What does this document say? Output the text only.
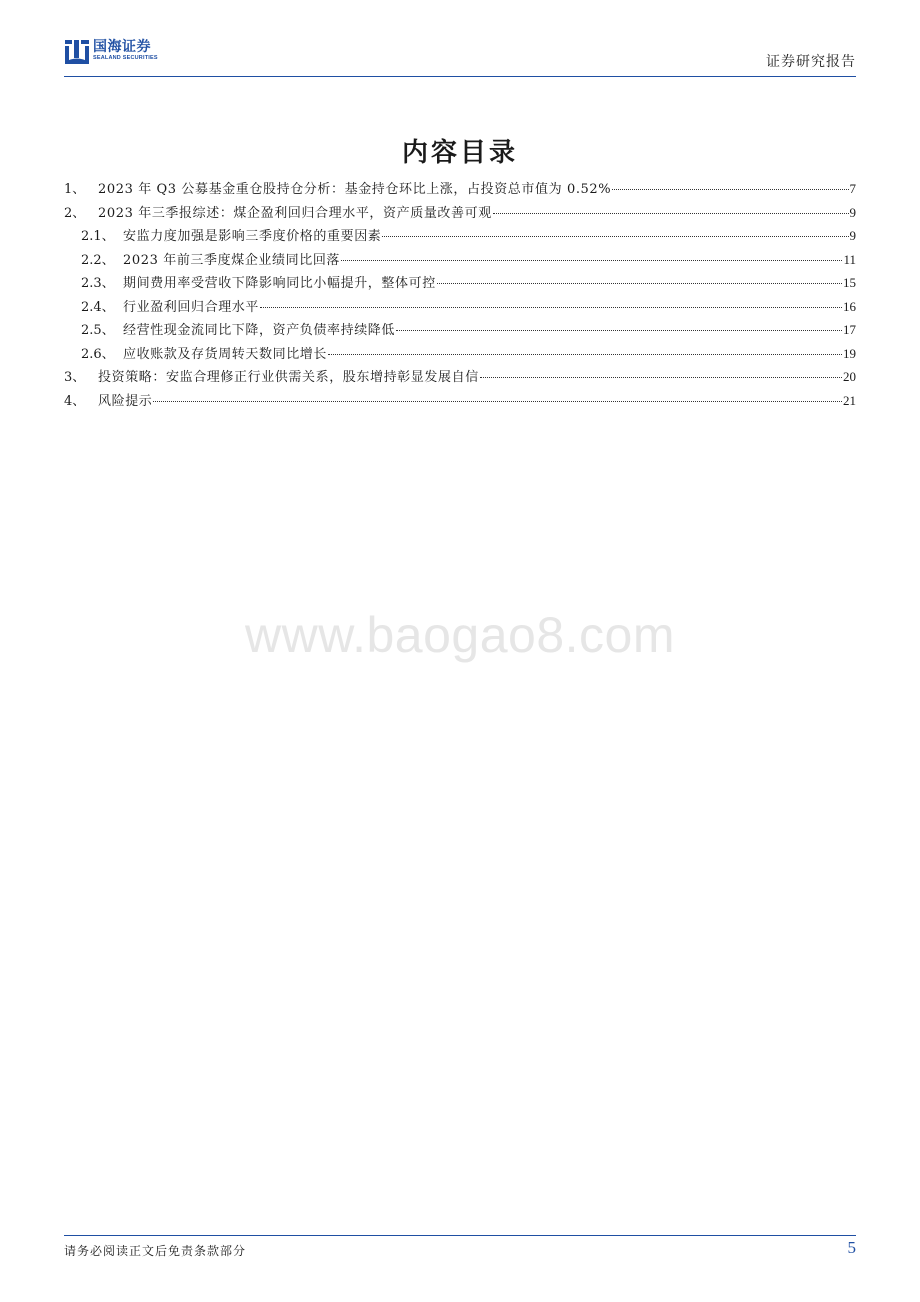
国海证券
SEALAND SECURITIES	证券研究报告
内容目录
1、 2023 年 Q3 公募基金重仓股持仓分析：基金持仓环比上涨，占投资总市值为 0.52%	7
2、 2023 年三季报综述：煤企盈利回归合理水平，资产质量改善可观	9
2.1、 安监力度加强是影响三季度价格的重要因素	9
2.2、 2023 年前三季度煤企业绩同比回落	11
2.3、 期间费用率受营收下降影响同比小幅提升，整体可控	15
2.4、 行业盈利回归合理水平	16
2.5、 经营性现金流同比下降，资产负债率持续降低	17
2.6、 应收账款及存货周转天数同比增长	19
3、 投资策略：安监合理修正行业供需关系，股东增持彰显发展自信	20
4、 风险提示	21
www.baogao8.com
请务必阅读正文后免责条款部分	5
